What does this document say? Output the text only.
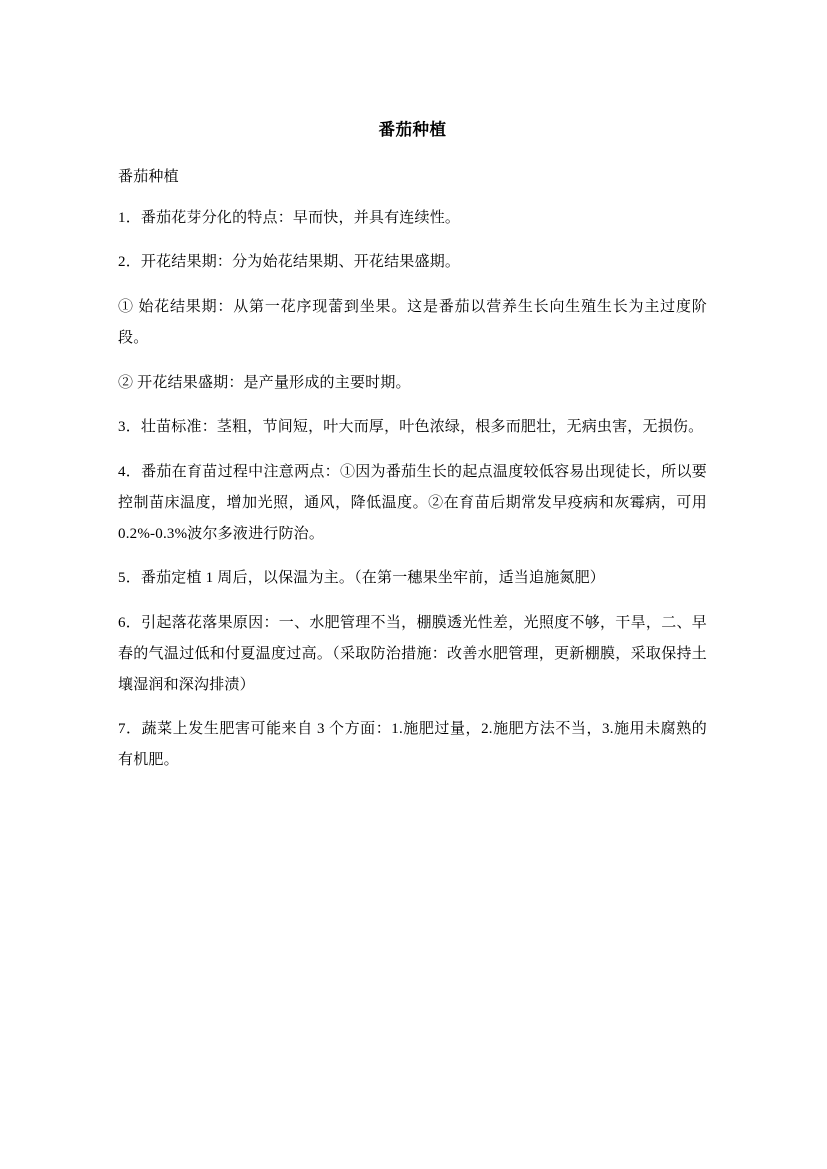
番茄种植

番茄种植

1．番茄花芽分化的特点：早而快，并具有连续性。

2．开花结果期：分为始花结果期、开花结果盛期。

① 始花结果期：从第一花序现蕾到坐果。这是番茄以营养生长向生殖生长为主过度阶段。

② 开花结果盛期：是产量形成的主要时期。

3．壮苗标准：茎粗，节间短，叶大而厚，叶色浓绿，根多而肥壮，无病虫害，无损伤。

4．番茄在育苗过程中注意两点：①因为番茄生长的起点温度较低容易出现徒长，所以要控制苗床温度，增加光照，通风，降低温度。②在育苗后期常发早疫病和灰霉病，可用 0.2%-0.3%波尔多液进行防治。

5．番茄定植 1 周后，以保温为主。（在第一穗果坐牢前，适当追施氮肥）

6．引起落花落果原因：一、水肥管理不当，棚膜透光性差，光照度不够，干旱，二、早春的气温过低和付夏温度过高。（采取防治措施：改善水肥管理，更新棚膜，采取保持土壤湿润和深沟排渍）

7．蔬菜上发生肥害可能来自 3 个方面：1.施肥过量，2.施肥方法不当，3.施用未腐熟的有机肥。
